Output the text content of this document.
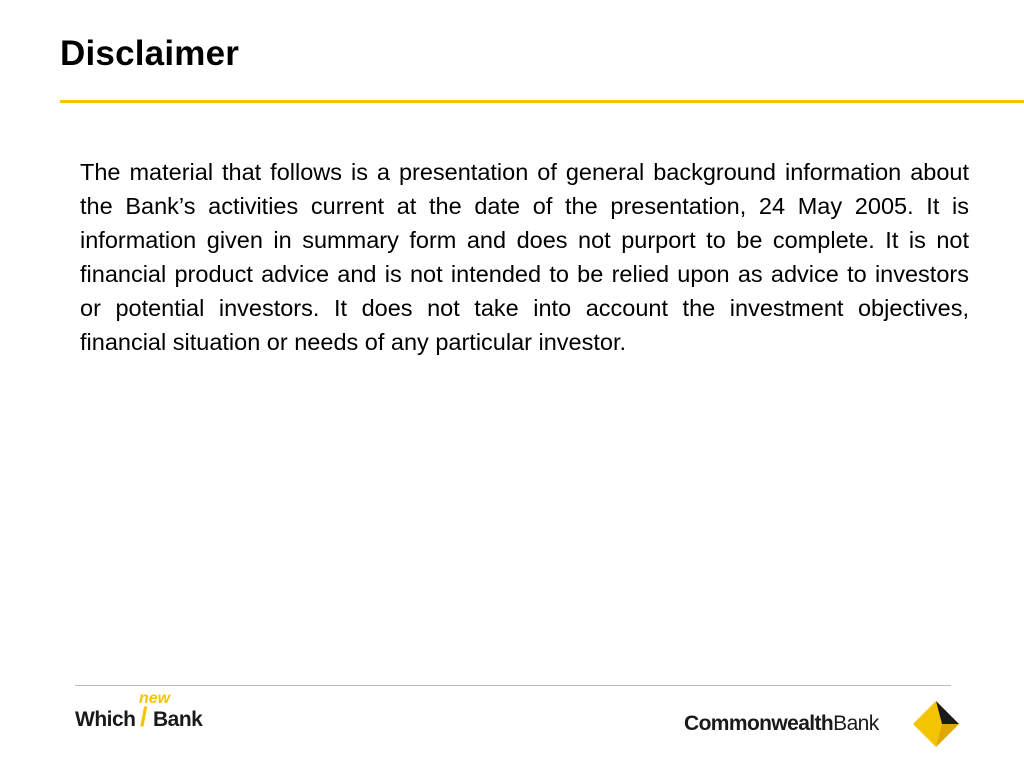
Disclaimer

The material that follows is a presentation of general background information about the Bank’s activities current at the date of the presentation, 24 May 2005. It is information given in summary form and does not purport to be complete. It is not financial product advice and is not intended to be relied upon as advice to investors or potential investors. It does not take into account the investment objectives, financial situation or needs of any particular investor.

Which
new
/ Bank	CommonwealthBank
